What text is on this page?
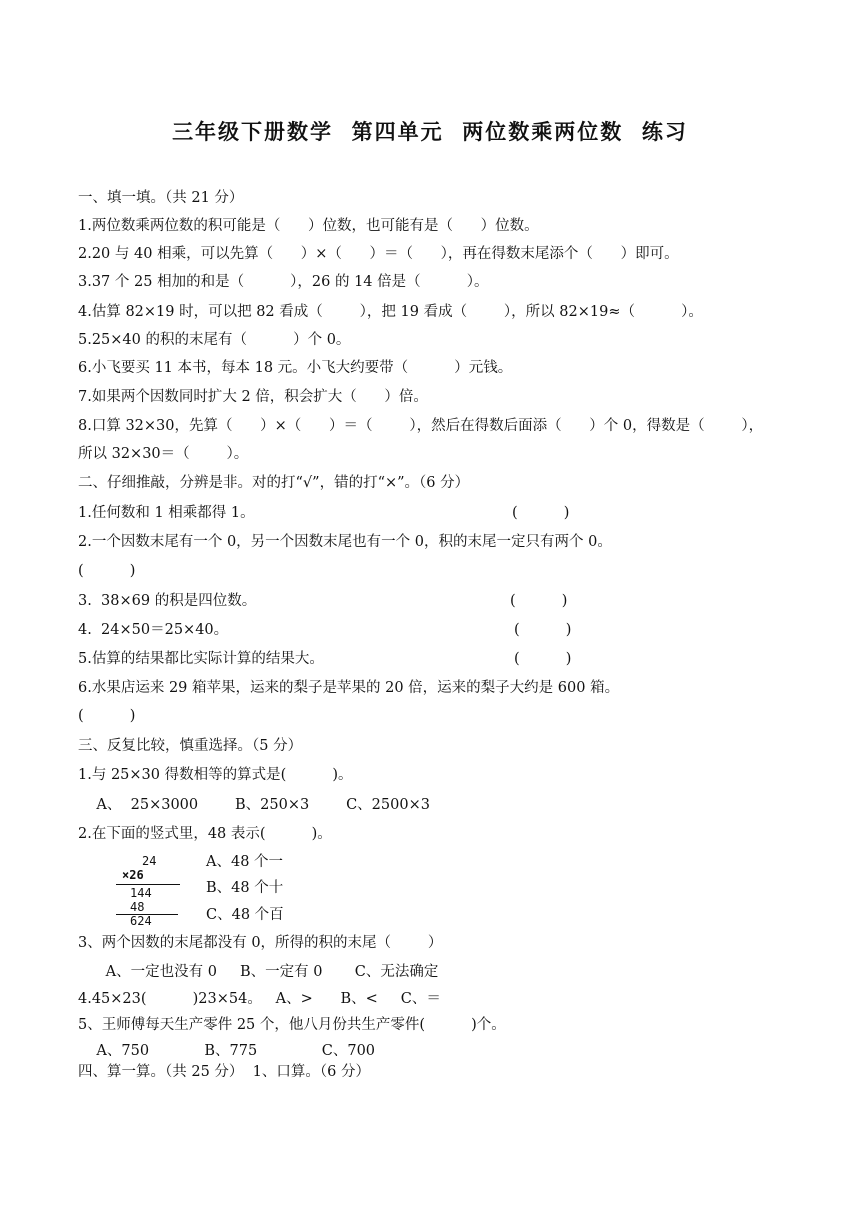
三年级下册数学  第四单元  两位数乘两位数  练习
一、填一填。（共 21 分）
1.两位数乘两位数的积可能是（      ）位数，也可能有是（      ）位数。
2.20 与 40 相乘，可以先算（      ）×（      ）＝（      ），再在得数末尾添个（      ）即可。
3.37 个 25 相加的和是（          ），26 的 14 倍是（          ）。
4.估算 82×19 时，可以把 82 看成（        ），把 19 看成（        ），所以 82×19≈（          ）。
5.25×40 的积的末尾有（          ）个 0。
6.小飞要买 11 本书，每本 18 元。小飞大约要带（          ）元钱。
7.如果两个因数同时扩大 2 倍，积会扩大（      ）倍。
8.口算 32×30，先算（      ）×（      ）＝（        ），然后在得数后面添（      ）个 0，得数是（        ），
所以 32×30＝（        ）。
二、仔细推敲，分辨是非。对的打“√”，错的打“×”。（6 分）
1.任何数和 1 相乘都得 1。	(          )
2.一个因数末尾有一个 0，另一个因数末尾也有一个 0，积的末尾一定只有两个 0。
(          )
3.  38×69 的积是四位数。	(          )
4.  24×50＝25×40。	(          )
5.估算的结果都比实际计算的结果大。	(          )
6.水果店运来 29 箱苹果，运来的梨子是苹果的 20 倍，运来的梨子大约是 600 箱。
(          )
三、反复比较，慎重选择。（5 分）
1.与 25×30 得数相等的算式是(          )。
A、  25×3000        B、250×3        C、2500×3
2.在下面的竖式里，48 表示(          )。
24
×26
144
48
624
A、48 个一
B、48 个十
C、48 个百
3、两个因数的末尾都没有 0，所得的积的末尾（        ）
A、一定也没有 0     B、一定有 0       C、无法确定
4.45×23(          )23×54。   A、>      B、<     C、＝
5、王师傅每天生产零件 25 个，他八月份共生产零件(          )个。
A、750            B、775              C、700
四、算一算。（共 25 分）  1、口算。（6 分）
